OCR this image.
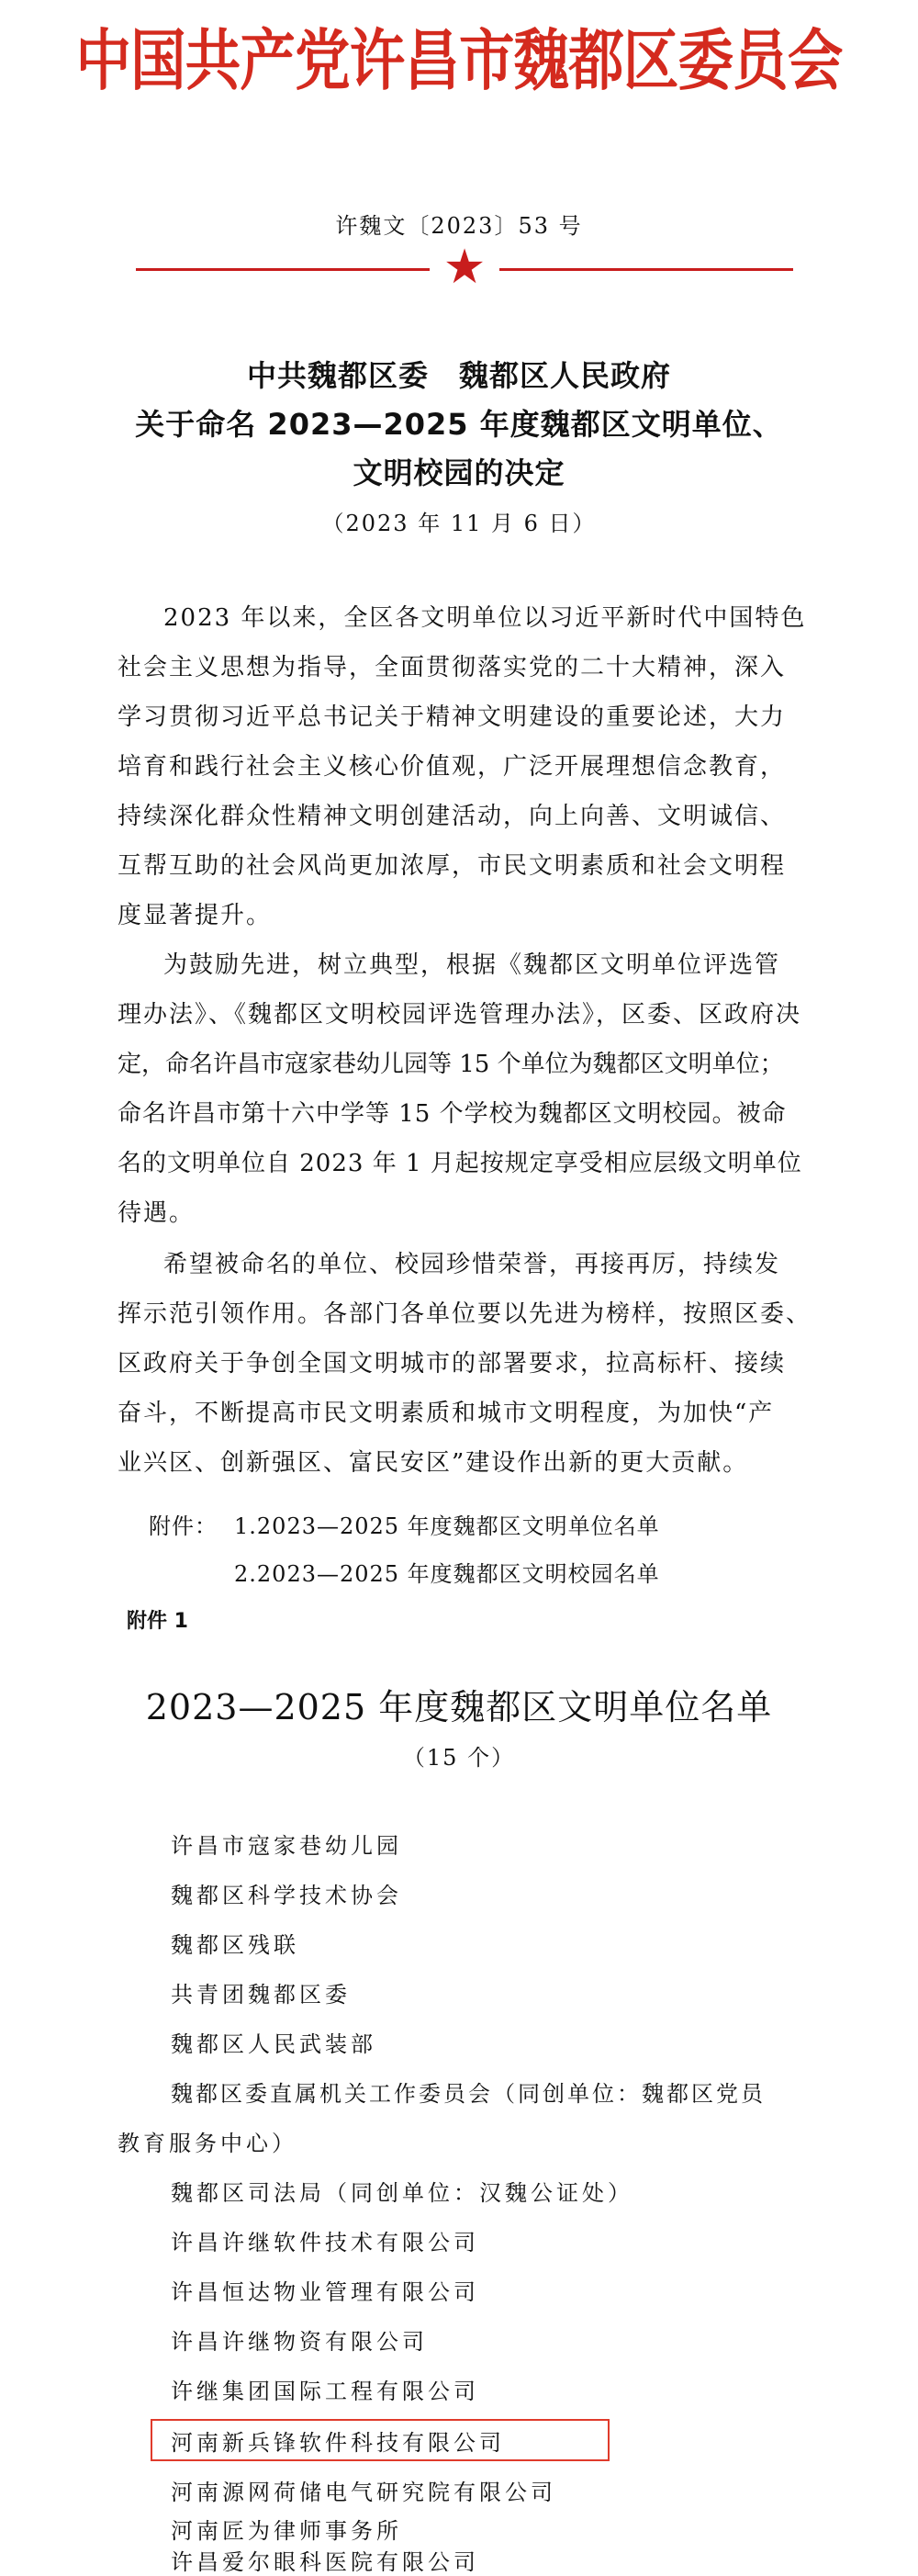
中国共产党许昌市魏都区委员会
许魏文〔2023〕53 号
★
中共魏都区委　魏都区人民政府
关于命名 2023—2025 年度魏都区文明单位、
文明校园的决定
（2023 年 11 月 6 日）
2023 年以来，全区各文明单位以习近平新时代中国特色
社会主义思想为指导，全面贯彻落实党的二十大精神，深入
学习贯彻习近平总书记关于精神文明建设的重要论述，大力
培育和践行社会主义核心价值观，广泛开展理想信念教育，
持续深化群众性精神文明创建活动，向上向善、文明诚信、
互帮互助的社会风尚更加浓厚，市民文明素质和社会文明程
度显著提升。
为鼓励先进，树立典型，根据《魏都区文明单位评选管
理办法》、《魏都区文明校园评选管理办法》，区委、区政府决
定，命名许昌市寇家巷幼儿园等 15 个单位为魏都区文明单位；
命名许昌市第十六中学等 15 个学校为魏都区文明校园。被命
名的文明单位自 2023 年 1 月起按规定享受相应层级文明单位
待遇。
希望被命名的单位、校园珍惜荣誉，再接再厉，持续发
挥示范引领作用。各部门各单位要以先进为榜样，按照区委、
区政府关于争创全国文明城市的部署要求，拉高标杆、接续
奋斗，不断提高市民文明素质和城市文明程度，为加快“产
业兴区、创新强区、富民安区”建设作出新的更大贡献。
附件： 1.2023—2025 年度魏都区文明单位名单
2.2023—2025 年度魏都区文明校园名单
附件 1
2023—2025 年度魏都区文明单位名单
（15 个）
许昌市寇家巷幼儿园
魏都区科学技术协会
魏都区残联
共青团魏都区委
魏都区人民武装部
魏都区委直属机关工作委员会（同创单位：魏都区党员
教育服务中心）
魏都区司法局（同创单位：汉魏公证处）
许昌许继软件技术有限公司
许昌恒达物业管理有限公司
许昌许继物资有限公司
许继集团国际工程有限公司
河南新兵锋软件科技有限公司
河南源网荷储电气研究院有限公司
河南匠为律师事务所
许昌爱尔眼科医院有限公司
